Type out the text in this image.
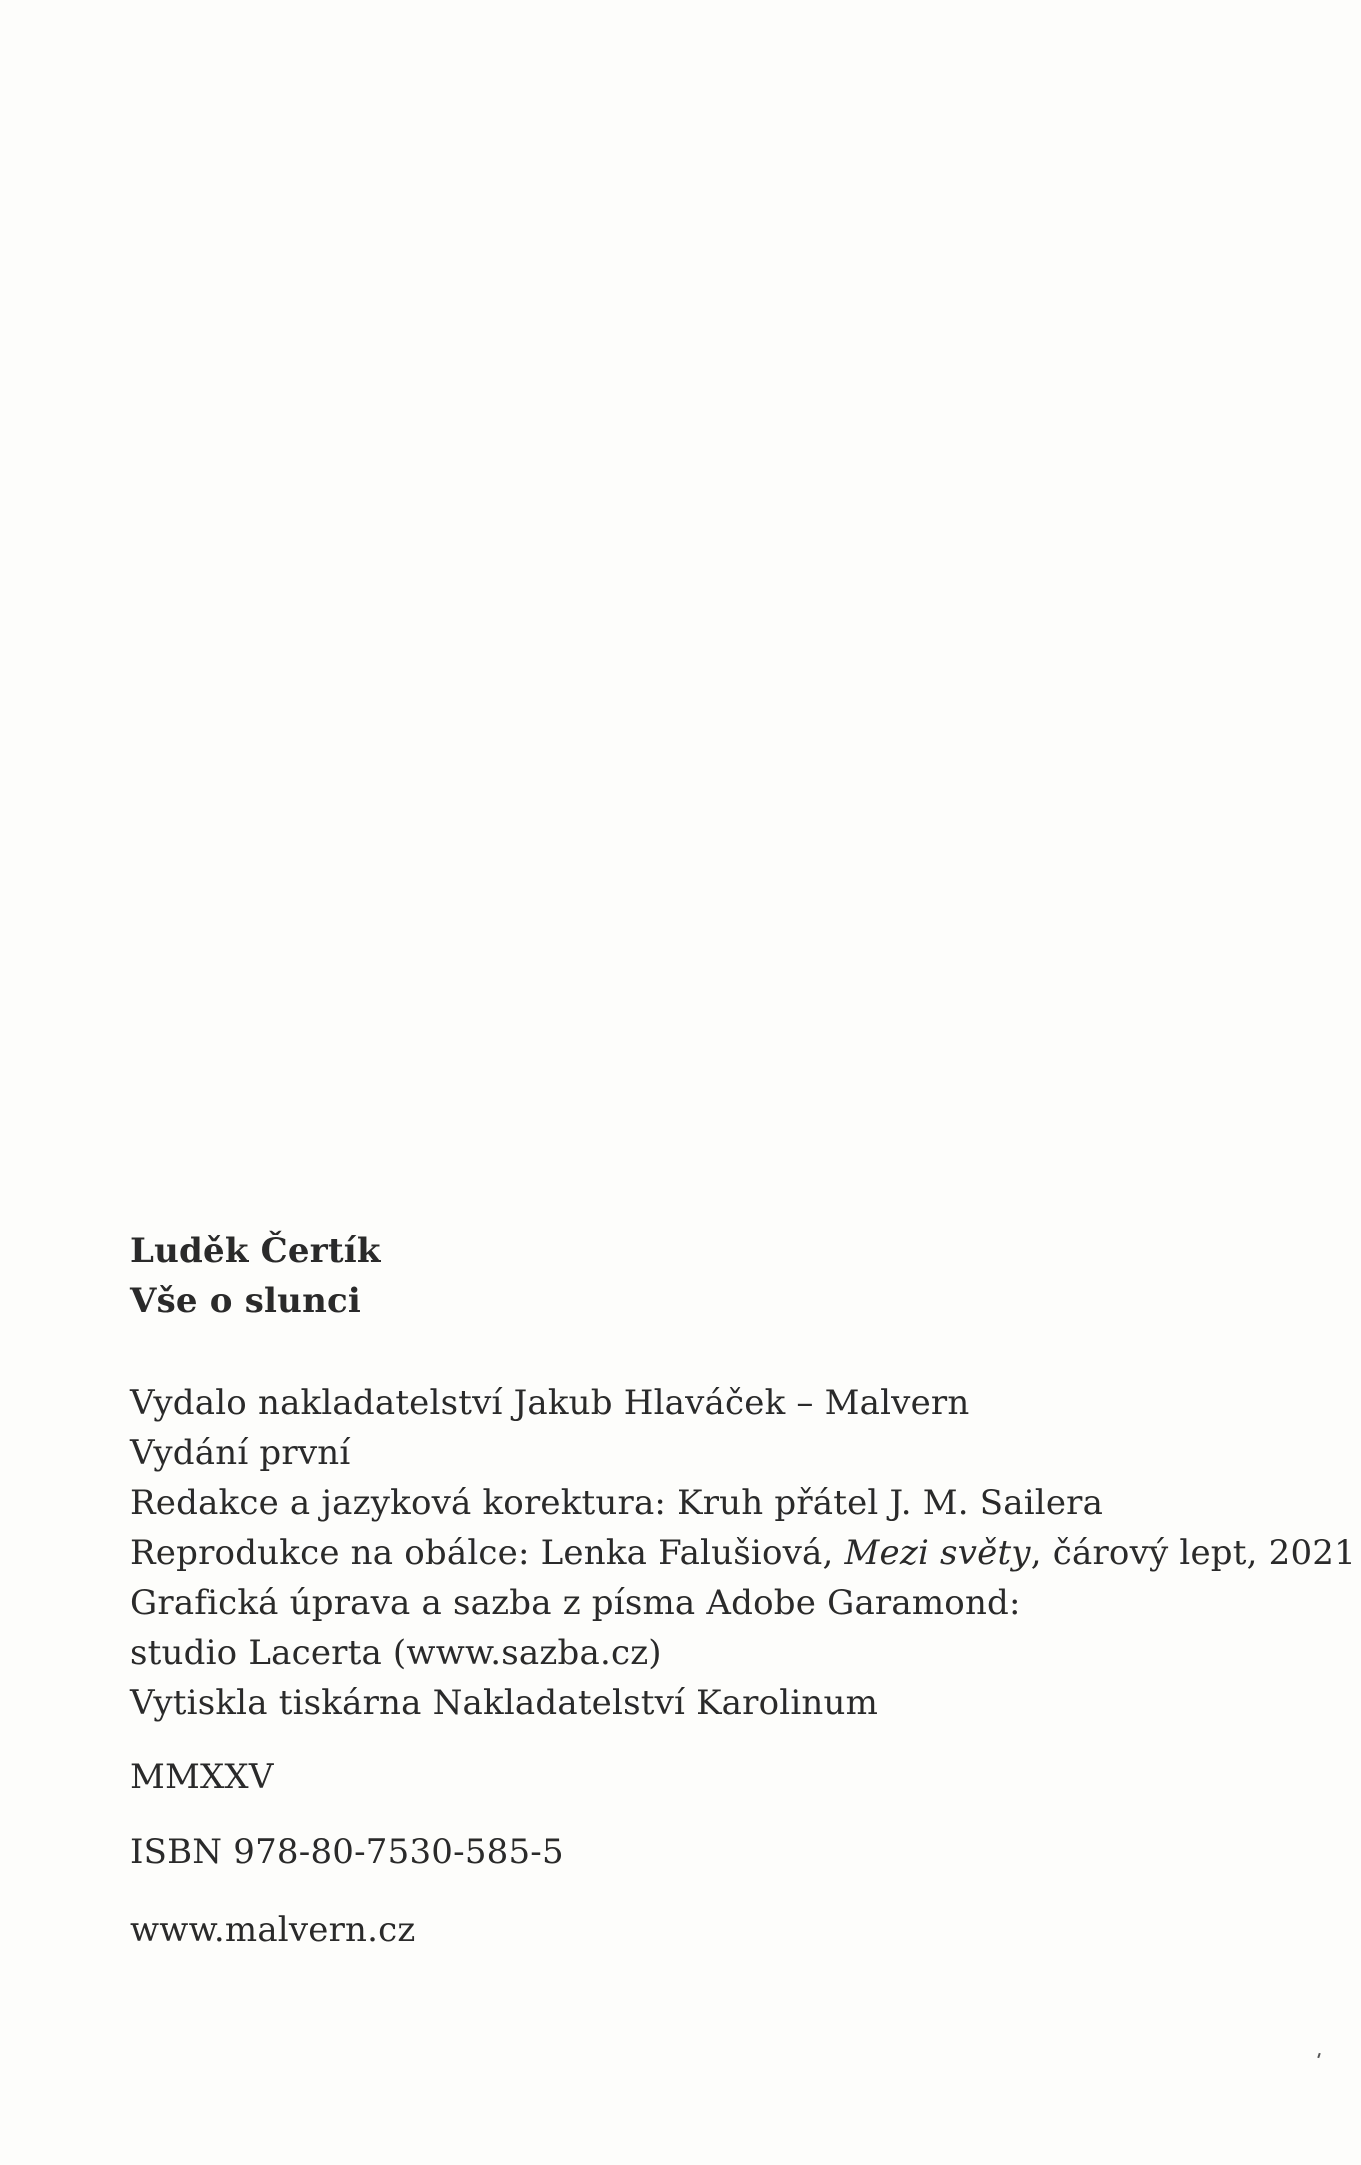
Luděk Čertík
Vše o slunci
Vydalo nakladatelství Jakub Hlaváček – Malvern
Vydání první
Redakce a jazyková korektura: Kruh přátel J. M. Sailera
Reprodukce na obálce: Lenka Falušiová, Mezi světy, čárový lept, 2021
Grafická úprava a sazba z písma Adobe Garamond:
studio Lacerta (www.sazba.cz)
Vytiskla tiskárna Nakladatelství Karolinum
MMXXV
ISBN 978-80-7530-585-5
www.malvern.cz
